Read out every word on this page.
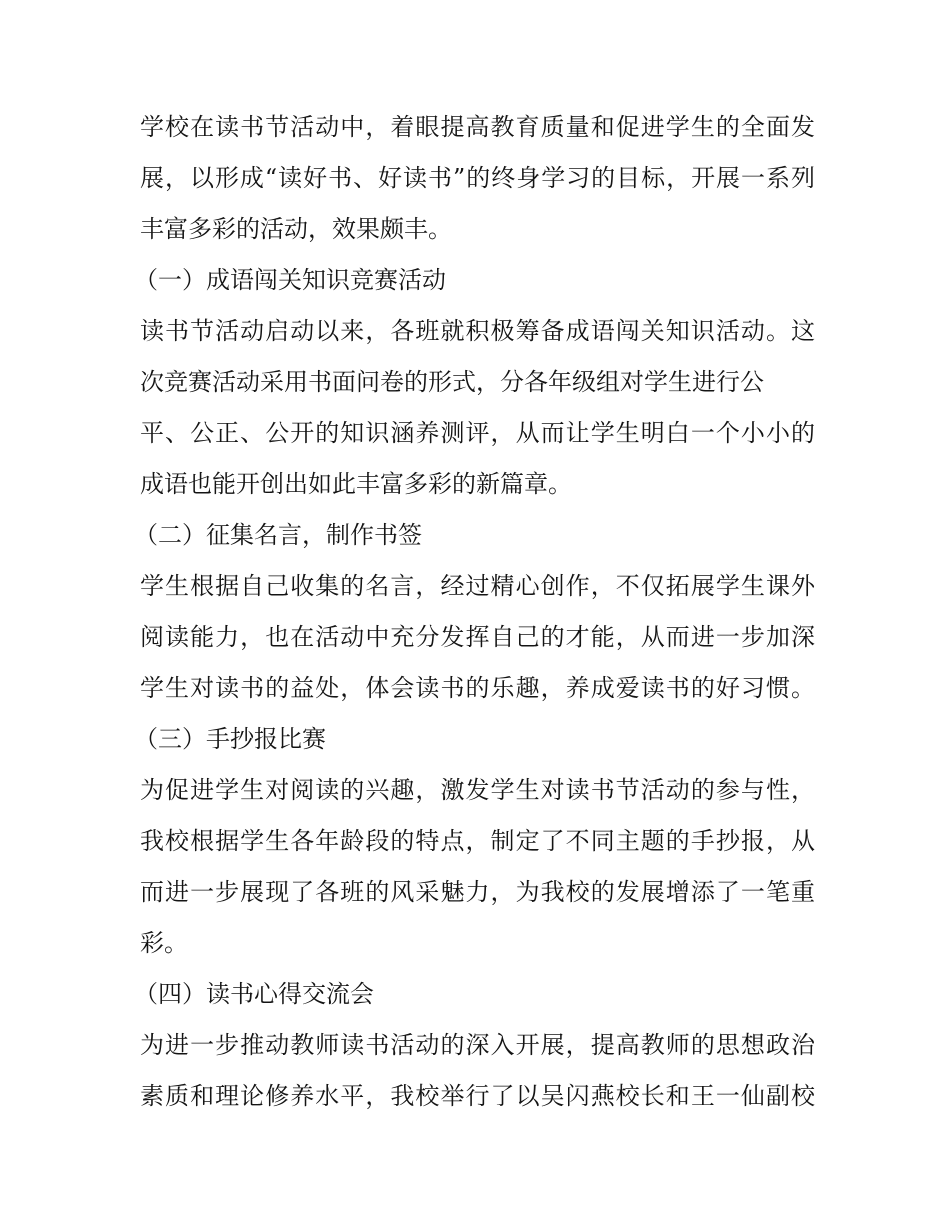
学校在读书节活动中，着眼提高教育质量和促进学生的全面发
展，以形成“读好书、好读书”的终身学习的目标，开展一系列
丰富多彩的活动，效果颇丰。
（一）成语闯关知识竞赛活动
读书节活动启动以来，各班就积极筹备成语闯关知识活动。这
次竞赛活动采用书面问卷的形式，分各年级组对学生进行公
平、公正、公开的知识涵养测评，从而让学生明白一个小小的
成语也能开创出如此丰富多彩的新篇章。
（二）征集名言，制作书签
学生根据自己收集的名言，经过精心创作，不仅拓展学生课外
阅读能力，也在活动中充分发挥自己的才能，从而进一步加深
学生对读书的益处，体会读书的乐趣，养成爱读书的好习惯。
（三）手抄报比赛
为促进学生对阅读的兴趣，激发学生对读书节活动的参与性，
我校根据学生各年龄段的特点，制定了不同主题的手抄报，从
而进一步展现了各班的风采魅力，为我校的发展增添了一笔重
彩。
（四）读书心得交流会
为进一步推动教师读书活动的深入开展，提高教师的思想政治
素质和理论修养水平，我校举行了以吴闪燕校长和王一仙副校
